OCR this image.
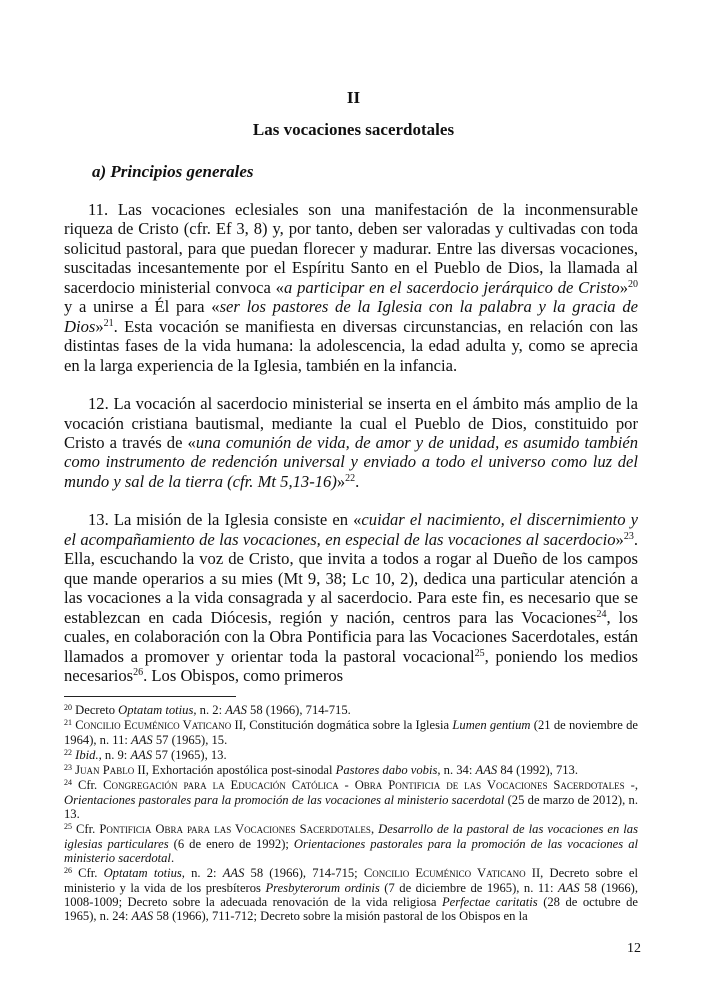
II
Las vocaciones sacerdotales
a) Principios generales

11. Las vocaciones eclesiales son una manifestación de la inconmensurable riqueza de Cristo (cfr. Ef 3, 8) y, por tanto, deben ser valoradas y cultivadas con toda solicitud pastoral, para que puedan florecer y madurar. Entre las diversas vocaciones, suscitadas incesantemente por el Espíritu Santo en el Pueblo de Dios, la llamada al sacerdocio ministerial convoca «a participar en el sacerdocio jerárquico de Cristo»$^{20}$ y a unirse a Él para «ser los pastores de la Iglesia con la palabra y la gracia de Dios»$^{21}$. Esta vocación se manifiesta en diversas circunstancias, en relación con las distintas fases de la vida humana: la adolescencia, la edad adulta y, como se aprecia en la larga experiencia de la Iglesia, también en la infancia.

12. La vocación al sacerdocio ministerial se inserta en el ámbito más amplio de la vocación cristiana bautismal, mediante la cual el Pueblo de Dios, constituido por Cristo a través de «una comunión de vida, de amor y de unidad, es asumido también como instrumento de redención universal y enviado a todo el universo como luz del mundo y sal de la tierra (cfr. Mt 5,13-16)»$^{22}$.

13. La misión de la Iglesia consiste en «cuidar el nacimiento, el discernimiento y el acompañamiento de las vocaciones, en especial de las vocaciones al sacerdocio»$^{23}$. Ella, escuchando la voz de Cristo, que invita a todos a rogar al Dueño de los campos que mande operarios a su mies (Mt 9, 38; Lc 10, 2), dedica una particular atención a las vocaciones a la vida consagrada y al sacerdocio. Para este fin, es necesario que se establezcan en cada Diócesis, región y nación, centros para las Vocaciones$^{24}$, los cuales, en colaboración con la Obra Pontificia para las Vocaciones Sacerdotales, están llamados a promover y orientar toda la pastoral vocacional$^{25}$, poniendo los medios necesarios$^{26}$. Los Obispos, como primeros

$^{20}$ Decreto Optatam totius, n. 2: AAS 58 (1966), 714-715.
$^{21}$ Concilio Ecuménico Vaticano II, Constitución dogmática sobre la Iglesia Lumen gentium (21 de noviembre de 1964), n. 11: AAS 57 (1965), 15.
$^{22}$ Ibid., n. 9: AAS 57 (1965), 13.
$^{23}$ Juan Pablo II, Exhortación apostólica post-sinodal Pastores dabo vobis, n. 34: AAS 84 (1992), 713.
$^{24}$ Cfr. Congregación para la Educación Católica - Obra Pontificia de las Vocaciones Sacerdotales -, Orientaciones pastorales para la promoción de las vocaciones al ministerio sacerdotal (25 de marzo de 2012), n. 13.
$^{25}$ Cfr. Pontificia Obra para las Vocaciones Sacerdotales, Desarrollo de la pastoral de las vocaciones en las iglesias particulares (6 de enero de 1992); Orientaciones pastorales para la promoción de las vocaciones al ministerio sacerdotal.
$^{26}$ Cfr. Optatam totius, n. 2: AAS 58 (1966), 714-715; Concilio Ecuménico Vaticano II, Decreto sobre el ministerio y la vida de los presbíteros Presbyterorum ordinis (7 de diciembre de 1965), n. 11: AAS 58 (1966), 1008-1009; Decreto sobre la adecuada renovación de la vida religiosa Perfectae caritatis (28 de octubre de 1965), n. 24: AAS 58 (1966), 711-712; Decreto sobre la misión pastoral de los Obispos en la
12
